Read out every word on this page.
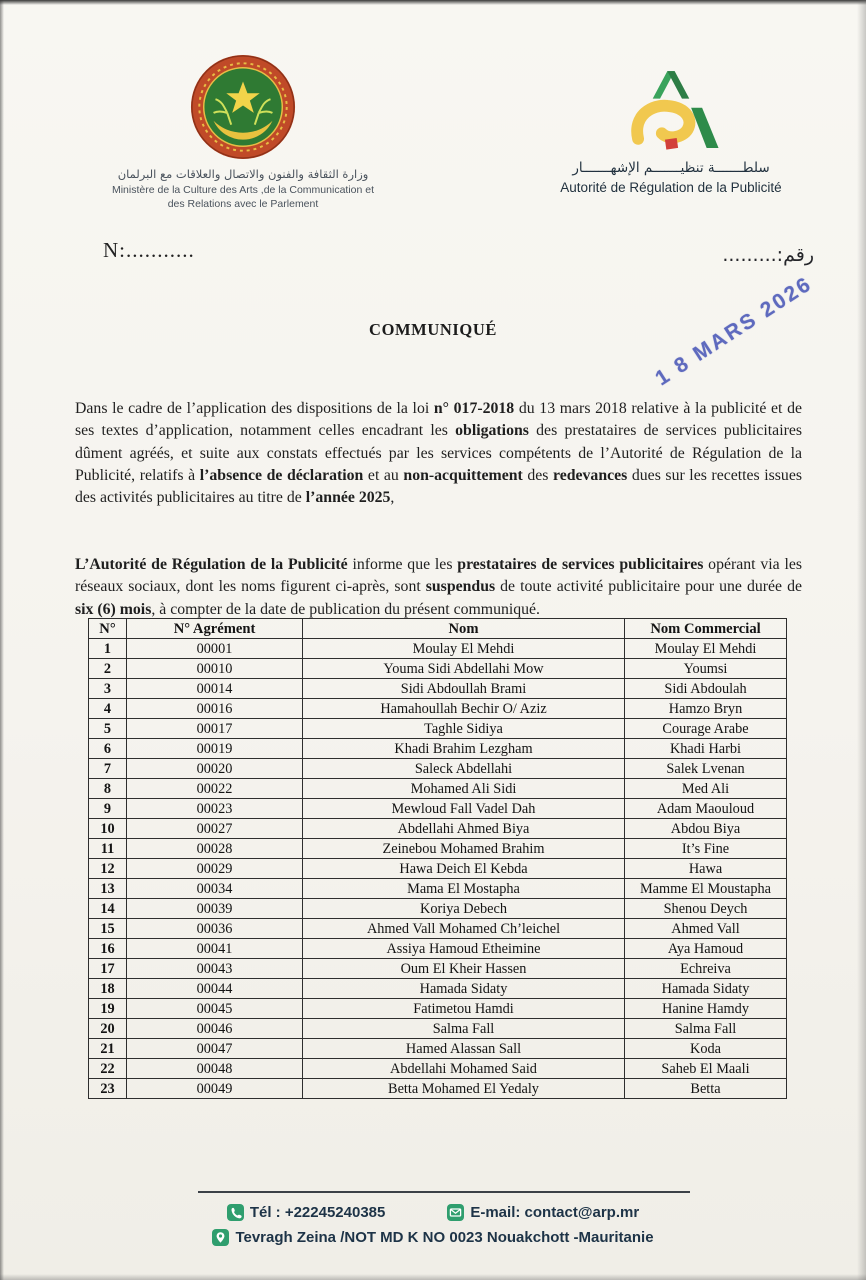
وزارة الثقافة والفنون والاتصال والعلاقات مع البرلمان
Ministère de la Culture des Arts ,de la Communication et
des Relations avec le Parlement
سلطـــــــة تنظيـــــــم الإشهـــــــار
Autorité de Régulation de la Publicité
N:...........	رقم:.........
1 8 MARS 2026
COMMUNIQUÉ

Dans le cadre de l’application des dispositions de la loi n° 017-2018 du 13 mars 2018 relative à la publicité et de ses textes d’application, notamment celles encadrant les obligations des prestataires de services publicitaires dûment agréés, et suite aux constats effectués par les services compétents de l’Autorité de Régulation de la Publicité, relatifs à l’absence de déclaration et au non-acquittement des redevances dues sur les recettes issues des activités publicitaires au titre de l’année 2025,

L’Autorité de Régulation de la Publicité informe que les prestataires de services publicitaires opérant via les réseaux sociaux, dont les noms figurent ci-après, sont suspendus de toute activité publicitaire pour une durée de six (6) mois, à compter de la date de publication du présent communiqué.

N°	N° Agrément	Nom	Nom Commercial
1	00001	Moulay El Mehdi	Moulay El Mehdi
2	00010	Youma Sidi Abdellahi Mow	Youmsi
3	00014	Sidi Abdoullah Brami	Sidi Abdoulah
4	00016	Hamahoullah Bechir O/ Aziz	Hamzo Bryn
5	00017	Taghle Sidiya	Courage Arabe
6	00019	Khadi Brahim Lezgham	Khadi Harbi
7	00020	Saleck Abdellahi	Salek Lvenan
8	00022	Mohamed Ali Sidi	Med Ali
9	00023	Mewloud Fall Vadel Dah	Adam Maouloud
10	00027	Abdellahi Ahmed Biya	Abdou Biya
11	00028	Zeinebou Mohamed Brahim	It’s Fine
12	00029	Hawa Deich El Kebda	Hawa
13	00034	Mama El Mostapha	Mamme El Moustapha
14	00039	Koriya Debech	Shenou Deych
15	00036	Ahmed Vall Mohamed Ch’leichel	Ahmed Vall
16	00041	Assiya Hamoud Etheimine	Aya Hamoud
17	00043	Oum El Kheir Hassen	Echreiva
18	00044	Hamada Sidaty	Hamada Sidaty
19	00045	Fatimetou Hamdi	Hanine Hamdy
20	00046	Salma Fall	Salma Fall
21	00047	Hamed Alassan Sall	Koda
22	00048	Abdellahi Mohamed Said	Saheb El Maali
23	00049	Betta Mohamed El Yedaly	Betta
Tél : +22245240385	E-mail: contact@arp.mr
Tevragh Zeina /NOT MD K NO 0023 Nouakchott -Mauritanie
